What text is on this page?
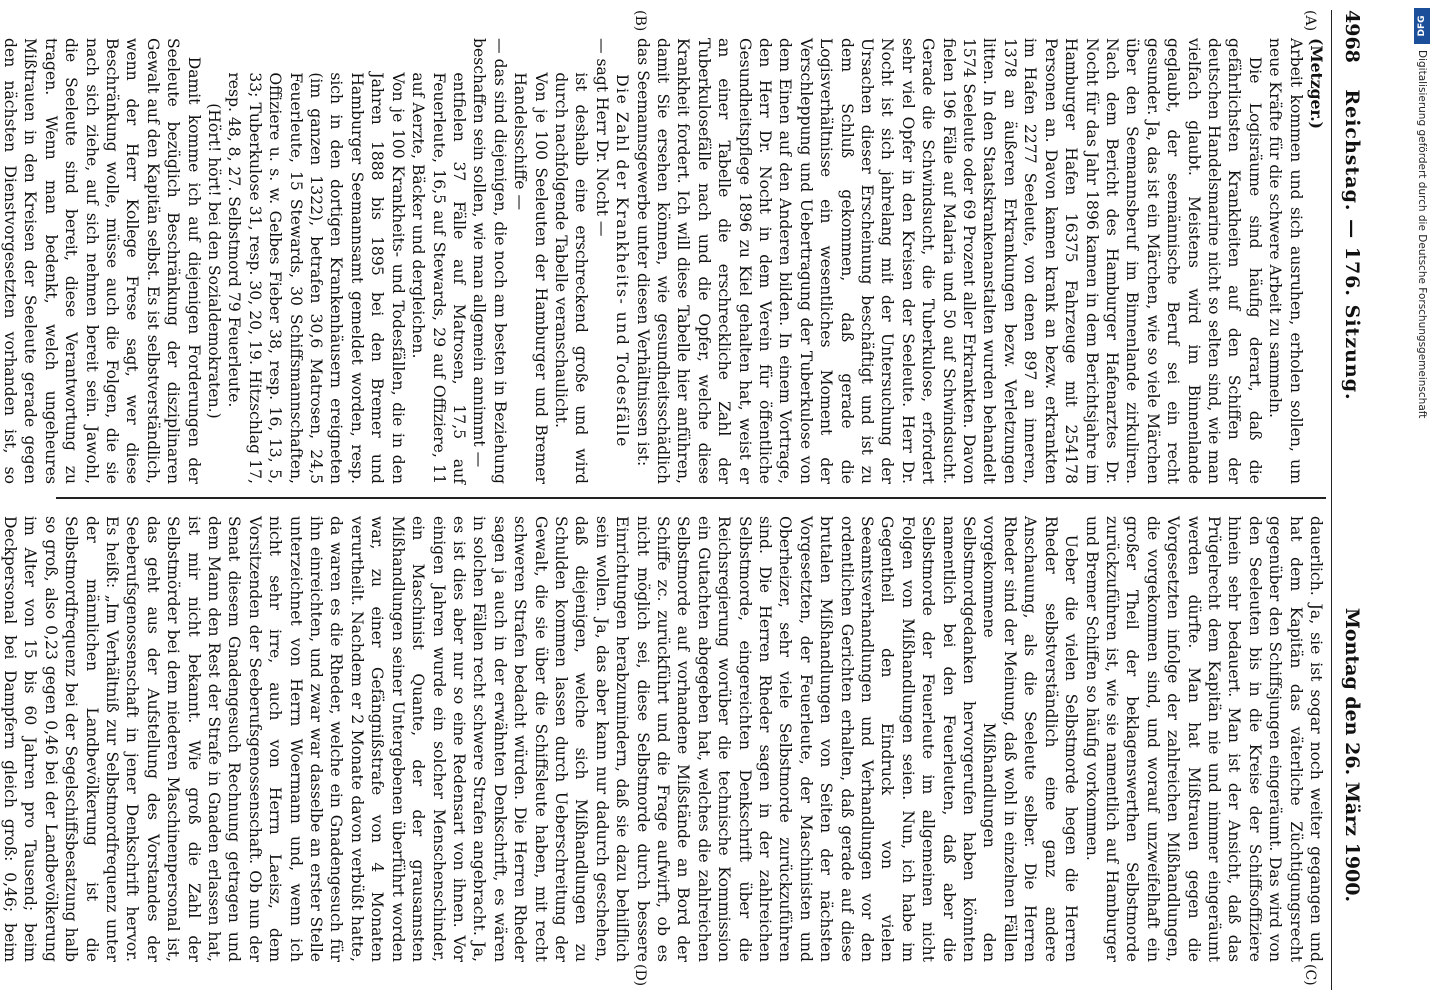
4968
Reichstag. — 176. Sitzung.
Montag den 26. März 1900.
(A)
(B)
(C)
(D)

(Metzger.)

Arbeit kommen und sich ausruhen, erholen sollen, um neue Kräfte für die schwere Arbeit zu sammeln.

Die Logisräume sind häufig derart, daß die gefährlichsten Krankheiten auf den Schiffen der deutschen Handelsmarine nicht so selten sind, wie man vielfach glaubt. Meistens wird im Binnenlande geglaubt, der seemännische Beruf sei ein recht gesunder. Ja, das ist ein Märchen, wie so viele Märchen über den Seemannsberuf im Binnenlande zirkuliren. Nach dem Bericht des Hamburger Hafenarztes Dr. Nocht für das Jahr 1896 kamen in dem Berichtsjahre im Hamburger Hafen 16375 Fahrzeuge mit 254178 Personen an. Davon kamen krank an bezw. erkrankten im Hafen 2277 Seeleute, von denen 897 an inneren, 1378 an äußeren Erkrankungen bezw. Verletzungen litten. In den Staatskrankenanstalten wurden behandelt 1574 Seeleute oder 69 Prozent aller Erkrankten. Davon fielen 196 Fälle auf Malaria und 50 auf Schwindsucht. Gerade die Schwindsucht, die Tuberkulose, erfordert sehr viel Opfer in den Kreisen der Seeleute. Herr Dr. Nocht ist sich jahrelang mit der Untersuchung der Ursachen dieser Erscheinung beschäftigt und ist zu dem Schluß gekommen, daß gerade die Logisverhältnisse ein wesentliches Moment der Verschleppung und Uebertragung der Tuberkulose von dem Einen auf den Anderen bilden. In einem Vortrage, den Herr Dr. Nocht in dem Verein für öffentliche Gesundheitspflege 1896 zu Kiel gehalten hat, weist er an einer Tabelle die erschreckliche Zahl der Tuberkulosefälle nach und die Opfer, welche diese Krankheit fordert. Ich will diese Tabelle hier anführen, damit Sie ersehen können, wie gesundheitsschädlich das Seemannsgewerbe unter diesen Verhältnissen ist:

Die Zahl der Krankheits- und Todesfälle

— sagt Herr Dr. Nocht —

ist deshalb eine erschreckend große und wird durch nachfolgende Tabelle veranschaulicht.

Von je 100 Seeleuten der Hamburger und Bremer Handelsschiffe —

— das sind diejenigen, die noch am besten in Beziehung beschaffen sein sollen, wie man allgemein annimmt —

entfielen 37 Fälle auf Matrosen, 17,5 auf Feuerleute, 16,5 auf Stewards, 29 auf Offiziere, 11 auf Aerzte, Bäcker und dergleichen.

Von je 100 Krankheits- und Todesfällen, die in den Jahren 1888 bis 1895 bei den Bremer und Hamburger Seemannsamt gemeldet worden, resp. sich in den dortigen Krankenhäusern ereigneten (im ganzen 1322), betrafen 30,6 Matrosen, 24,5 Feuerleute, 15 Stewards, 30 Schiffsmannschaften, Offiziere u. s. w. Gelbes Fieber 38, resp. 16, 13, 5, 33; Tuberkulose 31, resp. 30, 20, 19. Hitzschlag 17, resp. 48, 8, 27. Selbstmord 79 Feuerleute.

(Hört! hört! bei den Sozialdemokraten.)

Damit komme ich auf diejenigen Forderungen der Seeleute bezüglich Beschränkung der disziplinaren Gewalt auf den Kapitän selbst. Es ist selbstverständlich, wenn der Herr Kollege Frese sagt, wer diese Beschränkung wolle, müsse auch die Folgen, die sie nach sich ziehe, auf sich nehmen bereit sein. Jawohl, die Seeleute sind bereit, diese Verantwortung zu tragen. Wenn man bedenkt, welch ungeheures Mißtrauen in den Kreisen der Seeleute gerade gegen den nächsten Dienstvorgesetzten vorhanden ist, so

dauerlich. Ja, sie ist sogar noch weiter gegangen und hat dem Kapitän das väterliche Züchtigungsrecht gegenüber den Schiffsjungen eingeräumt. Das wird von den Seeleuten bis in die Kreise der Schiffsoffiziere hinein sehr bedauert. Man ist der Ansicht, daß das Prügelrecht dem Kapitän nie und nimmer eingeräumt werden dürfte. Man hat Mißtrauen gegen die Vorgesetzten infolge der zahlreichen Mißhandlungen, die vorgekommen sind, und worauf unzweifelhaft ein großer Theil der beklagenswerthen Selbstmorde zurückzuführen ist, wie sie namentlich auf Hamburger und Bremer Schiffen so häufig vorkommen.

Ueber die vielen Selbstmorde hegen die Herren Rheder selbstverständlich eine ganz andere Anschauung, als die Seeleute selber. Die Herren Rheder sind der Meinung, daß wohl in einzelnen Fällen vorgekommene Mißhandlungen den Selbstmordgedanken hervorgerufen haben könnten namentlich bei den Feuerleuten, daß aber die Selbstmorde der Feuerleute im allgemeinen nicht Folgen von Mißhandlungen seien. Nun, ich habe im Gegentheil den Eindruck von vielen Seeamtsverhandlungen und Verhandlungen vor den ordentlichen Gerichten erhalten, daß gerade auf diese brutalen Mißhandlungen von Seiten der nächsten Vorgesetzten, der Feuerleute, der Maschinisten und Oberheizer, sehr viele Selbstmorde zurückzuführen sind. Die Herren Rheder sagen in der zahlreichen Selbstmorde, eingereichten Denkschrift über die Reichsregierung worüber die technische Kommission ein Gutachten abgegeben hat, welches die zahlreichen Selbstmorde auf vorhandene Mißstände an Bord der Schiffe zc. zurückführt und die Frage aufwirft, ob es nicht möglich sei, diese Selbstmorde durch bessere Einrichtungen herabzumindern, daß sie dazu behilflich sein wollen. Ja, das aber kann nur dadurch geschehen, daß diejenigen, welche sich Mißhandlungen zu Schulden kommen lassen durch Ueberschreitung der Gewalt, die sie über die Schiffsleute haben, mit recht schweren Strafen bedacht würden. Die Herren Rheder sagen ja auch in der erwähnten Denkschrift, es wären in solchen Fällen recht schwere Strafen angebracht. Ja, es ist dies aber nur so eine Redensart von ihnen. Vor einigen Jahren wurde ein solcher Menschenschinder, ein Maschinist Quante, der der grausamsten Mißhandlungen seiner Untergebenen überführt worden war, zu einer Gefängnißstrafe von 4 Monaten verurtheilt. Nachdem er 2 Monate davon verbüßt hatte, da waren es die Rheder, welche ein Gnadengesuch für ihn einreichten, und zwar war dasselbe an erster Stelle unterzeichnet von Herrn Woermann und, wenn ich nicht sehr irre, auch von Herrn Laeisz, dem Vorsitzenden der Seeberufsgenossenschaft. Ob nun der Senat diesem Gnadengesuch Rechnung getragen und dem Mann den Rest der Strafe in Gnaden erlassen hat, ist mir nicht bekannt. Wie groß die Zahl der Selbstmörder bei dem niederen Maschinenpersonal ist, das geht aus der Aufstellung des Vorstandes der Seeberufsgenossenschaft in jener Denkschrift hervor. Es heißt: „Im Verhältniß zur Selbstmordfrequenz unter der männlichen Landbevölkerung ist die Selbstmordfrequenz bei der Segelschiffsbesatzung halb so groß, also 0,23 gegen 0,46 bei der Landbevölkerung im Alter von 15 bis 60 Jahren pro Tausend; beim Deckpersonal bei Dampfern gleich groß: 0,46; beim

DFG
Digitalisierung gefördert durch die Deutsche Forschungsgemeinschaft
